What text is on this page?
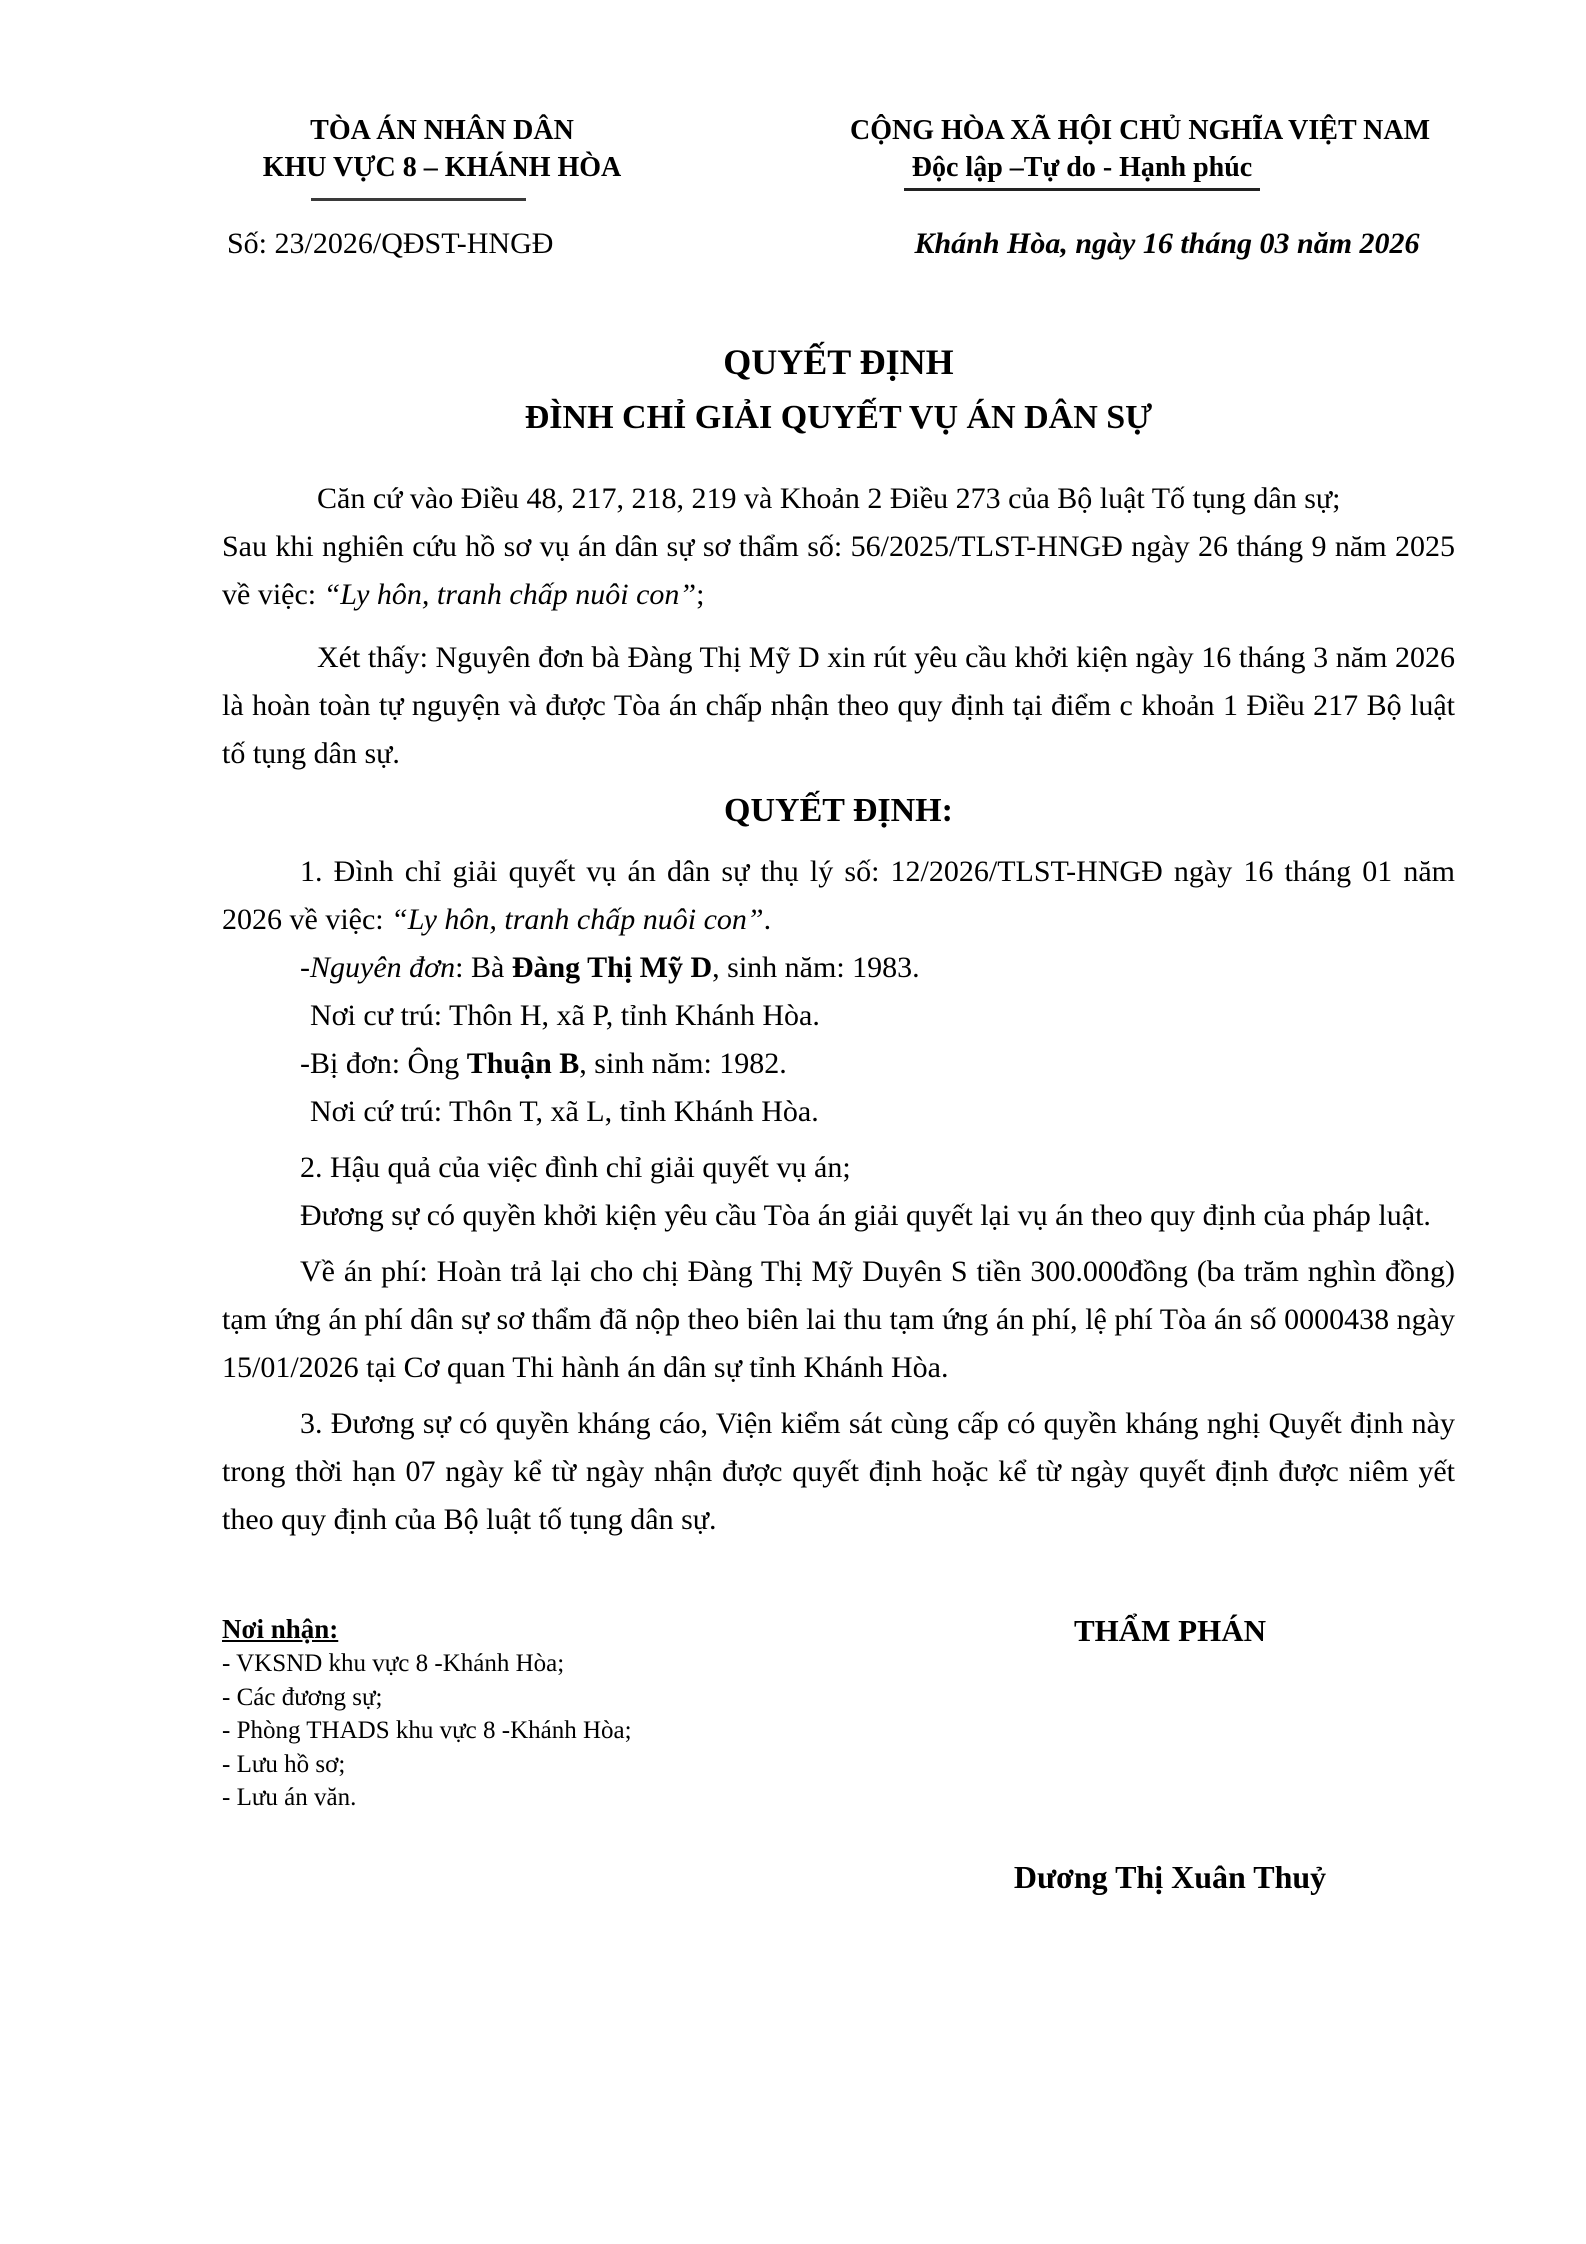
TÒA ÁN NHÂN DÂN
KHU VỰC 8 – KHÁNH HÒA
Số: 23/2026/QĐST-HNGĐ
CỘNG HÒA XÃ HỘI CHỦ NGHĨA VIỆT NAM
Độc lập –Tự do - Hạnh phúc
Khánh Hòa, ngày 16 tháng 03 năm 2026
QUYẾT ĐỊNH
ĐÌNH CHỈ GIẢI QUYẾT VỤ ÁN DÂN SỰ

Căn cứ vào Điều 48, 217, 218, 219 và Khoản 2 Điều 273 của Bộ luật Tố tụng dân sự;

Sau khi nghiên cứu hồ sơ vụ án dân sự sơ thẩm số: 56/2025/TLST-HNGĐ ngày 26 tháng 9 năm 2025 về việc: “Ly hôn, tranh chấp nuôi con”;

Xét thấy: Nguyên đơn bà Đàng Thị Mỹ D xin rút yêu cầu khởi kiện ngày 16 tháng 3 năm 2026 là hoàn toàn tự nguyện và được Tòa án chấp nhận theo quy định tại điểm c khoản 1 Điều 217 Bộ luật tố tụng dân sự.

QUYẾT ĐỊNH:

1. Đình chỉ giải quyết vụ án dân sự thụ lý số: 12/2026/TLST-HNGĐ ngày 16 tháng 01 năm 2026 về việc: “Ly hôn, tranh chấp nuôi con”.

-Nguyên đơn: Bà Đàng Thị Mỹ D, sinh năm: 1983.

Nơi cư trú: Thôn H, xã P, tỉnh Khánh Hòa.

-Bị đơn: Ông Thuận B, sinh năm: 1982.

Nơi cứ trú: Thôn T, xã L, tỉnh Khánh Hòa.

2. Hậu quả của việc đình chỉ giải quyết vụ án;

Đương sự có quyền khởi kiện yêu cầu Tòa án giải quyết lại vụ án theo quy định của pháp luật.

Về án phí: Hoàn trả lại cho chị Đàng Thị Mỹ Duyên S tiền 300.000đồng (ba trăm nghìn đồng) tạm ứng án phí dân sự sơ thẩm đã nộp theo biên lai thu tạm ứng án phí, lệ phí Tòa án số 0000438 ngày 15/01/2026 tại Cơ quan Thi hành án dân sự tỉnh Khánh Hòa.

3. Đương sự có quyền kháng cáo, Viện kiểm sát cùng cấp có quyền kháng nghị Quyết định này trong thời hạn 07 ngày kể từ ngày nhận được quyết định hoặc kể từ ngày quyết định được niêm yết theo quy định của Bộ luật tố tụng dân sự.

Nơi nhận:
- VKSND khu vực 8 -Khánh Hòa;
- Các đương sự;
- Phòng THADS khu vực 8 -Khánh Hòa;
- Lưu hồ sơ;
- Lưu án văn.
THẨM PHÁN
Dương Thị Xuân Thuỷ
